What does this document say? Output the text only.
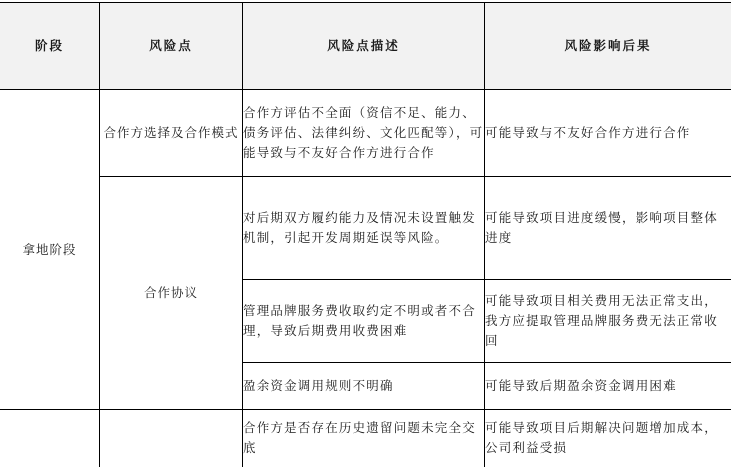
阶段	风险点	风险点描述	风险影响后果
拿地阶段	合作方选择及合作模式	合作方评估不全面（资信不足、能力、债务评估、法律纠纷、文化匹配等），可能导致与不友好合作方进行合作	可能导致与不友好合作方进行合作
	合作协议	对后期双方履约能力及情况未设置触发机制，引起开发周期延误等风险。	可能导致项目进度缓慢，影响项目整体进度
		管理品牌服务费收取约定不明或者不合理，导致后期费用收费困难	可能导致项目相关费用无法正常支出，我方应提取管理品牌服务费无法正常收回
		盈余资金调用规则不明确	可能导致后期盈余资金调用困难
		合作方是否存在历史遗留问题未完全交底	可能导致项目后期解决问题增加成本，公司利益受损
